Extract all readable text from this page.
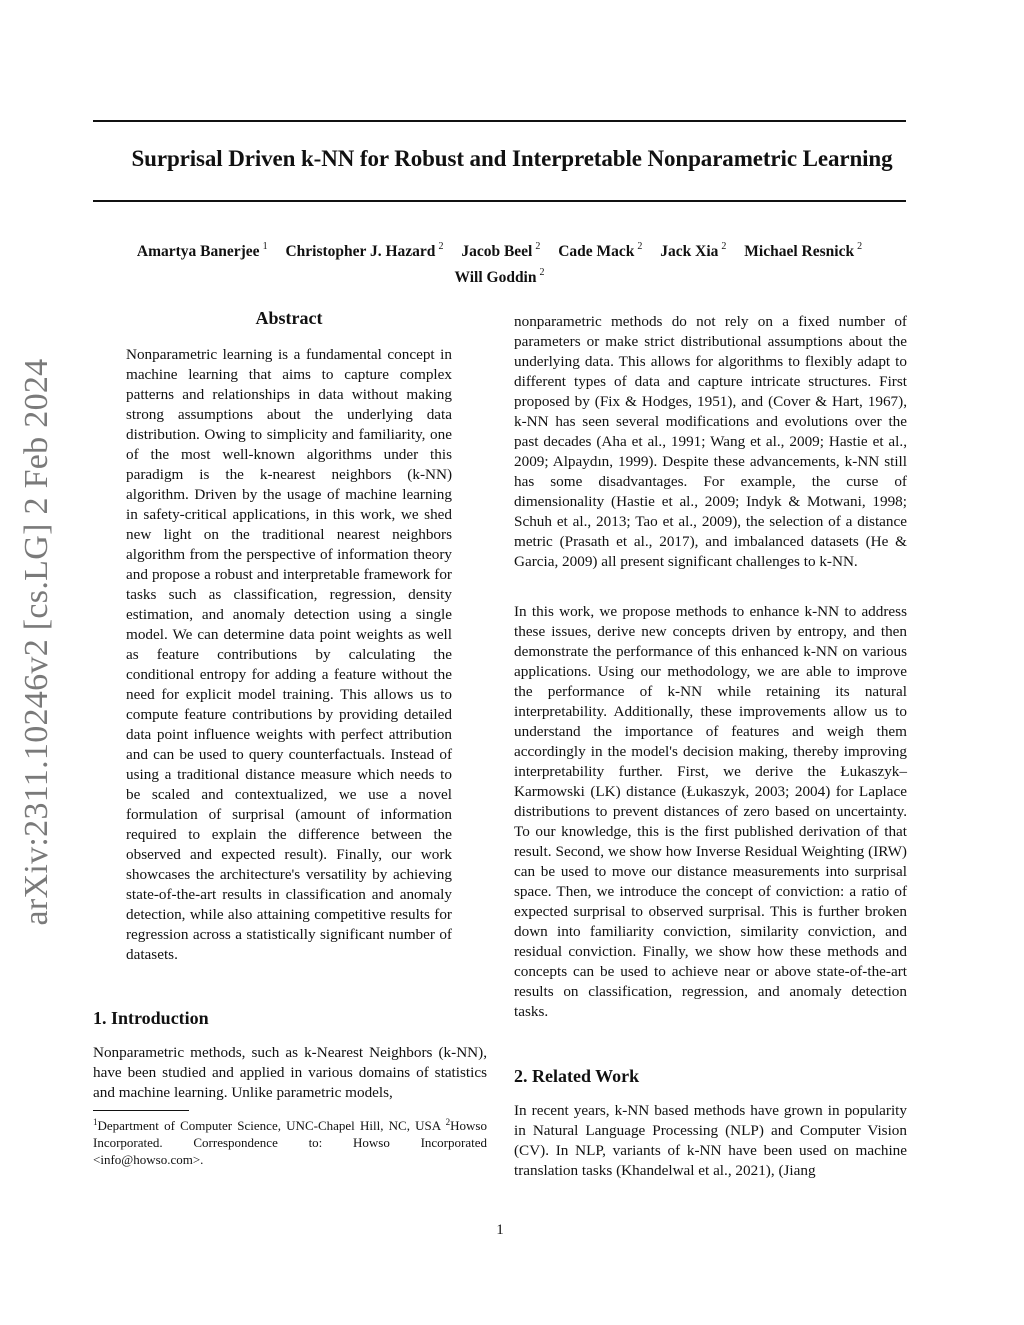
Surprisal Driven k-NN for Robust and Interpretable Nonparametric Learning
Amartya Banerjee $^1$ Christopher J. Hazard $^2$ Jacob Beel $^2$ Cade Mack $^2$ Jack Xia $^2$ Michael Resnick $^2$
Will Goddin $^2$
arXiv:2311.10246v2 [cs.LG] 2 Feb 2024
Abstract

Nonparametric learning is a fundamental concept in machine learning that aims to capture complex patterns and relationships in data without making strong assumptions about the underlying data distribution. Owing to simplicity and familiarity, one of the most well-known algorithms under this paradigm is the k-nearest neighbors (k-NN) algorithm. Driven by the usage of machine learning in safety-critical applications, in this work, we shed new light on the traditional nearest neighbors algorithm from the perspective of information theory and propose a robust and interpretable framework for tasks such as classification, regression, density estimation, and anomaly detection using a single model. We can determine data point weights as well as feature contributions by calculating the conditional entropy for adding a feature without the need for explicit model training. This allows us to compute feature contributions by providing detailed data point influence weights with perfect attribution and can be used to query counterfactuals. Instead of using a traditional distance measure which needs to be scaled and contextualized, we use a novel formulation of surprisal (amount of information required to explain the difference between the observed and expected result). Finally, our work showcases the architecture's versatility by achieving state-of-the-art results in classification and anomaly detection, while also attaining competitive results for regression across a statistically significant number of datasets.

1. Introduction

Nonparametric methods, such as k-Nearest Neighbors (k-NN), have been studied and applied in various domains of statistics and machine learning. Unlike parametric models,

$^1$Department of Computer Science, UNC-Chapel Hill, NC, USA $^2$Howso Incorporated. Correspondence to: Howso Incorporated <info@howso.com>.

nonparametric methods do not rely on a fixed number of parameters or make strict distributional assumptions about the underlying data. This allows for algorithms to flexibly adapt to different types of data and capture intricate structures. First proposed by (Fix & Hodges, 1951), and (Cover & Hart, 1967), k-NN has seen several modifications and evolutions over the past decades (Aha et al., 1991; Wang et al., 2009; Hastie et al., 2009; Alpaydın, 1999). Despite these advancements, k-NN still has some disadvantages. For example, the curse of dimensionality (Hastie et al., 2009; Indyk & Motwani, 1998; Schuh et al., 2013; Tao et al., 2009), the selection of a distance metric (Prasath et al., 2017), and imbalanced datasets (He & Garcia, 2009) all present significant challenges to k-NN.

In this work, we propose methods to enhance k-NN to address these issues, derive new concepts driven by entropy, and then demonstrate the performance of this enhanced k-NN on various applications. Using our methodology, we are able to improve the performance of k-NN while retaining its natural interpretability. Additionally, these improvements allow us to understand the importance of features and weigh them accordingly in the model's decision making, thereby improving interpretability further. First, we derive the Łukaszyk–Karmowski (LK) distance (Łukaszyk, 2003; 2004) for Laplace distributions to prevent distances of zero based on uncertainty. To our knowledge, this is the first published derivation of that result. Second, we show how Inverse Residual Weighting (IRW) can be used to move our distance measurements into surprisal space. Then, we introduce the concept of conviction: a ratio of expected surprisal to observed surprisal. This is further broken down into familiarity conviction, similarity conviction, and residual conviction. Finally, we show how these methods and concepts can be used to achieve near or above state-of-the-art results on classification, regression, and anomaly detection tasks.

2. Related Work

In recent years, k-NN based methods have grown in popularity in Natural Language Processing (NLP) and Computer Vision (CV). In NLP, variants of k-NN have been used on machine translation tasks (Khandelwal et al., 2021), (Jiang

1
